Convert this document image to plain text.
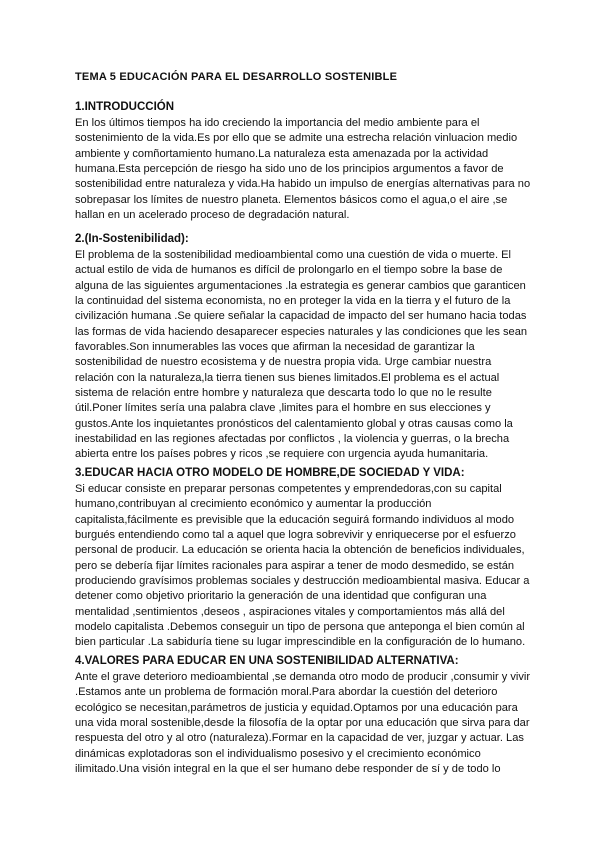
TEMA 5 EDUCACIÓN PARA EL DESARROLLO SOSTENIBLE
1.INTRODUCCIÓN
En los últimos tiempos ha ido creciendo la importancia del medio ambiente para el
sostenimiento de la vida.Es por ello que se admite una estrecha relación vinluacion medio
ambiente y comñortamiento humano.La naturaleza esta amenazada por la actividad
humana.Esta percepción de riesgo ha sido uno de los principios argumentos a favor de
sostenibilidad entre naturaleza y vida.Ha habido un impulso de energías alternativas para no
sobrepasar los límites de nuestro planeta. Elementos básicos como el agua,o el aire ,se
hallan en un acelerado proceso de degradación natural.
2.(In-Sostenibilidad):
El problema de la sostenibilidad medioambiental como una cuestión de vida o muerte. El
actual estilo de vida de humanos es difícil de prolongarlo en el tiempo sobre la base de
alguna de las siguientes argumentaciones .la estrategia es generar cambios que garanticen
la continuidad del sistema economista, no en proteger la vida en la tierra y el futuro de la
civilización humana .Se quiere señalar la capacidad de impacto del ser humano hacia todas
las formas de vida haciendo desaparecer especies naturales y las condiciones que les sean
favorables.Son innumerables las voces que afirman la necesidad de garantizar la
sostenibilidad de nuestro ecosistema y de nuestra propia vida. Urge cambiar nuestra
relación con la naturaleza,la tierra tienen sus bienes limitados.El problema es el actual
sistema de relación entre hombre y naturaleza que descarta todo lo que no le resulte
útil.Poner límites sería una palabra clave ,limites para el hombre en sus elecciones y
gustos.Ante los inquietantes pronósticos del calentamiento global y otras causas como la
inestabilidad en las regiones afectadas por conflictos , la violencia y guerras, o la brecha
abierta entre los países pobres y ricos ,se requiere con urgencia ayuda humanitaria.
3.EDUCAR HACIA OTRO MODELO DE HOMBRE,DE SOCIEDAD Y VIDA:
Si educar consiste en preparar personas competentes y emprendedoras,con su capital
humano,contribuyan al crecimiento económico y aumentar la producción
capitalista,fácilmente es previsible que la educación seguirá formando individuos al modo
burgués entendiendo como tal a aquel que logra sobrevivir y enriquecerse por el esfuerzo
personal de producir. La educación se orienta hacia la obtención de beneficios individuales,
pero se debería fijar límites racionales para aspirar a tener de modo desmedido, se están
produciendo gravísimos problemas sociales y destrucción medioambiental masiva. Educar a
detener como objetivo prioritario la generación de una identidad que configuran una
mentalidad ,sentimientos ,deseos , aspiraciones vitales y comportamientos más allá del
modelo capitalista .Debemos conseguir un tipo de persona que anteponga el bien común al
bien particular .La sabiduría tiene su lugar imprescindible en la configuración de lo humano.
4.VALORES PARA EDUCAR EN UNA SOSTENIBILIDAD ALTERNATIVA:
Ante el grave deterioro medioambiental ,se demanda otro modo de producir ,consumir y vivir
.Estamos ante un problema de formación moral.Para abordar la cuestión del deterioro
ecológico se necesitan,parámetros de justicia y equidad.Optamos por una educación para
una vida moral sostenible,desde la filosofía de la optar por una educación que sirva para dar
respuesta del otro y al otro (naturaleza).Formar en la capacidad de ver, juzgar y actuar. Las
dinámicas explotadoras son el individualismo posesivo y el crecimiento económico
ilimitado.Una visión integral en la que el ser humano debe responder de sí y de todo lo
